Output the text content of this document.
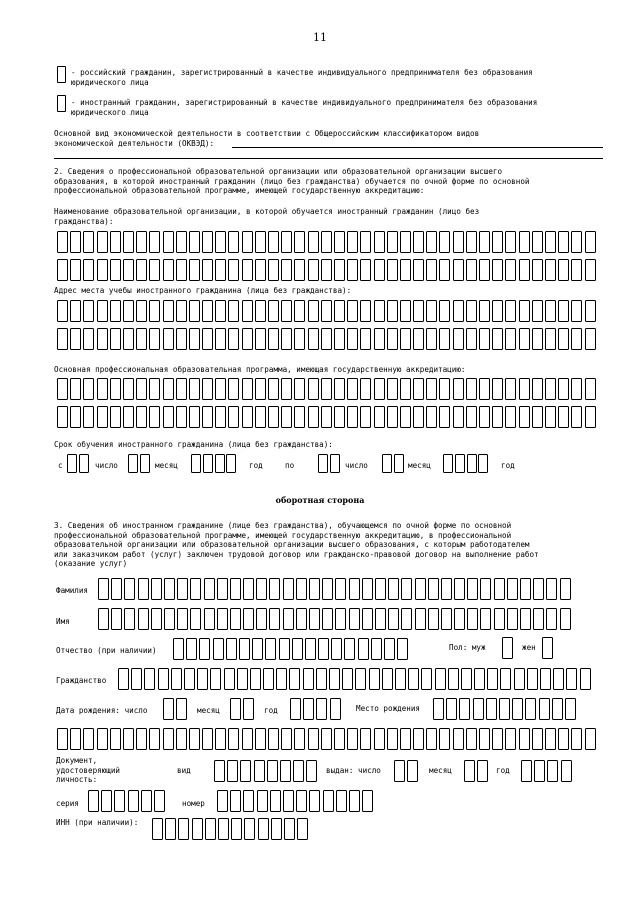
11
- российский гражданин, зарегистрированный в качестве индивидуального предпринимателя без образования
юридического лица
- иностранный гражданин, зарегистрированный в качестве индивидуального предпринимателя без образования
юридического лица
Основной вид экономической деятельности в соответствии с Общероссийским классификатором видов
экономической деятельности (ОКВЭД):
2. Сведения о профессиональной образовательной организации или образовательной организации высшего
образования, в которой иностранный гражданин (лицо без гражданства) обучается по очной форме по основной
профессиональной образовательной программе, имеющей государственную аккредитацию:
Наименование образовательной организации, в которой обучается иностранный гражданин (лицо без
гражданства):
Адрес места учебы иностранного гражданина (лица без гражданства):
Основная профессиональная образовательная программа, имеющая государственную аккредитацию:
Срок обучения иностранного гражданина (лица без гражданства):
с	число	месяц	год	по	число	месяц	год
оборотная сторона
3. Сведения об иностранном гражданине (лице без гражданства), обучающемся по очной форме по основной
профессиональной образовательной программе, имеющей государственную аккредитацию, в профессиональной
образовательной организации или образовательной организации высшего образования, с которым работодателем
или заказчиком работ (услуг) заключен трудовой договор или гражданско-правовой договор на выполнение работ
(оказание услуг)
Фамилия
Имя
Отчество (при наличии)	Пол: муж	жен
Гражданство
Дата рождения: число	месяц	год	Место рождения
Документ,
удостоверяющий
личность:
вид	выдан: число	месяц	год
серия	номер
ИНН (при наличии):
